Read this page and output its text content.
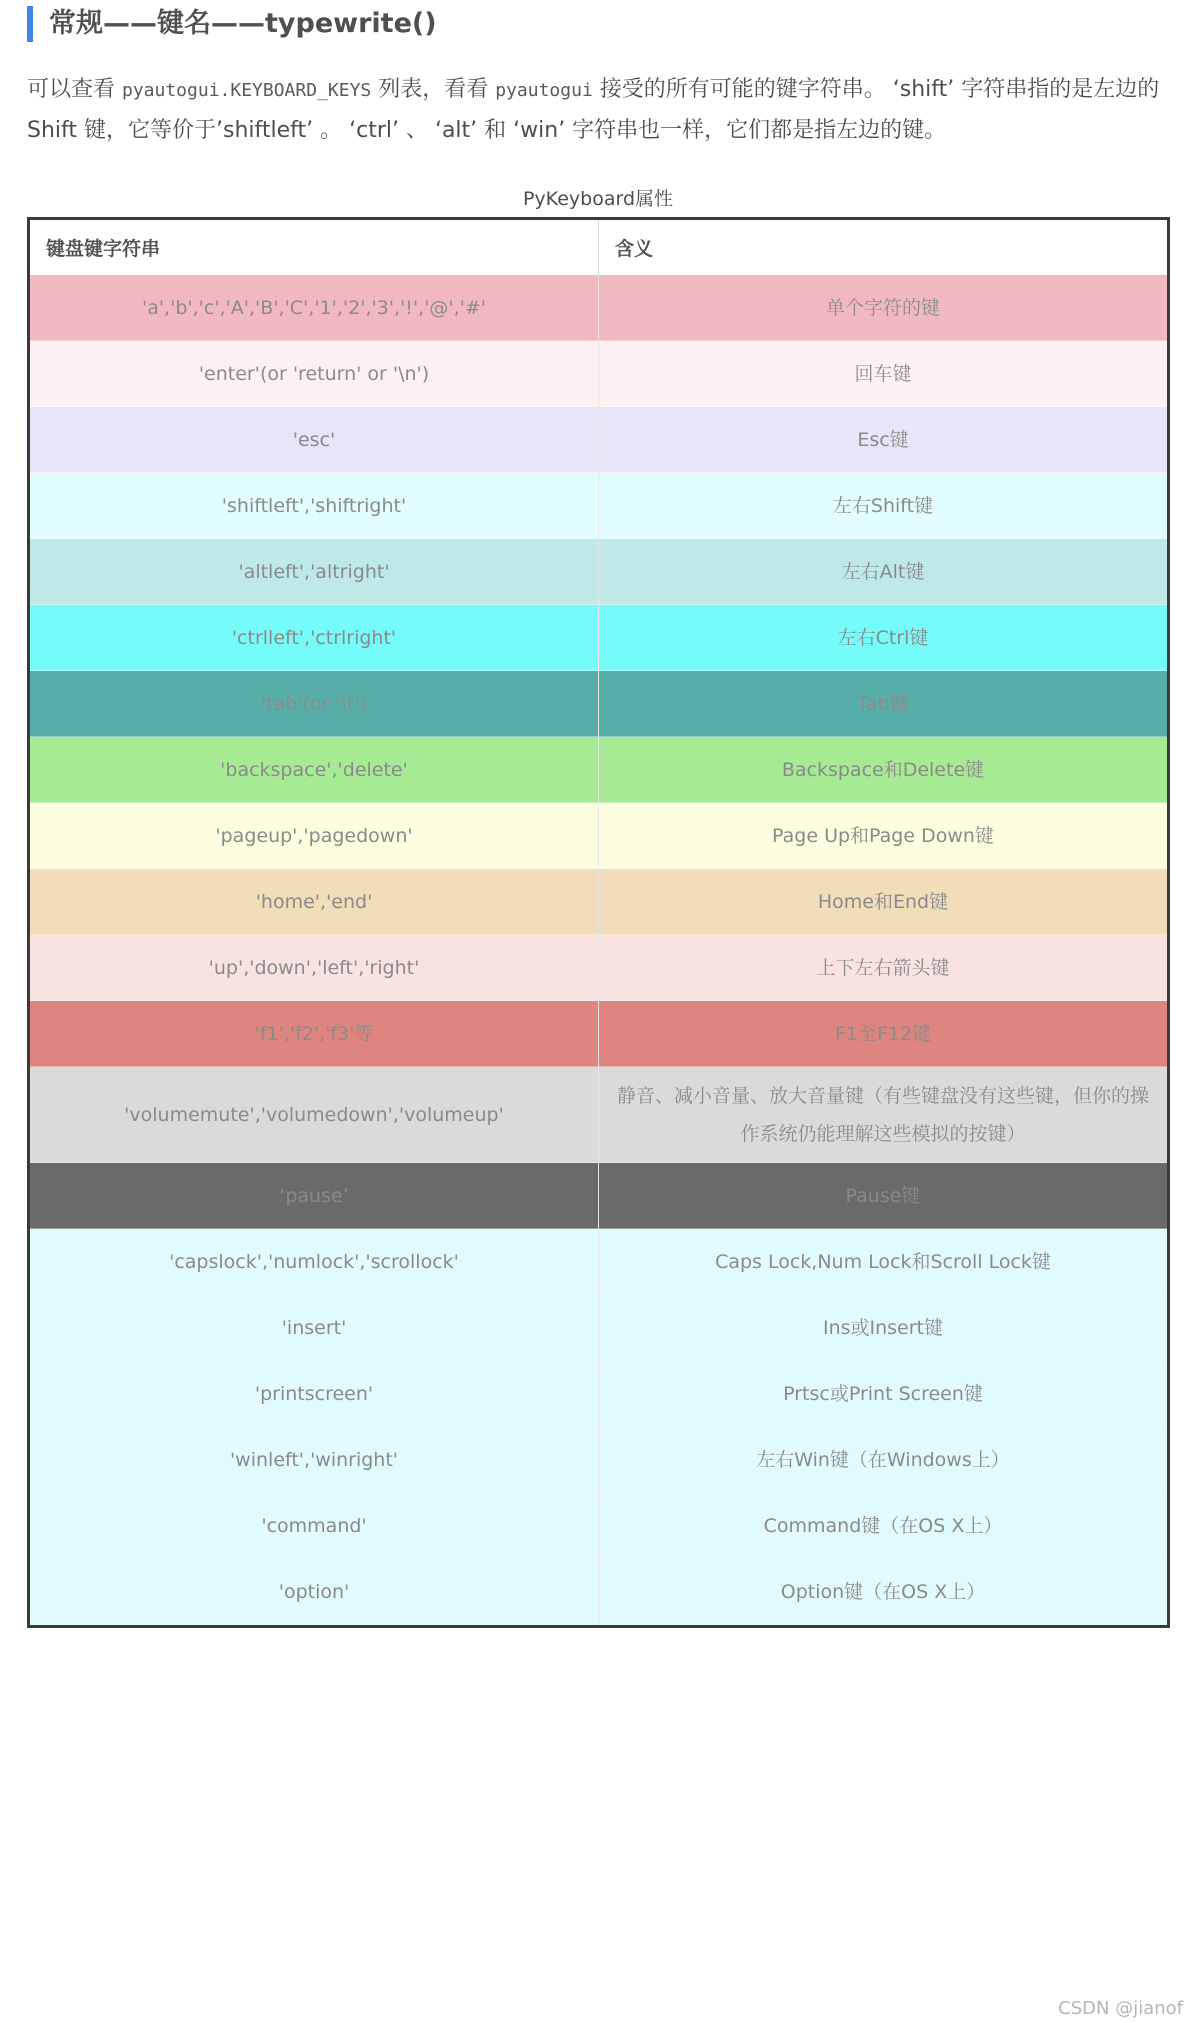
常规——键名——typewrite()
可以查看 pyautogui.KEYBOARD_KEYS 列表，看看 pyautogui 接受的所有可能的键字符串。 ‘shift’ 字符串指的是左边的 Shift 键，它等价于’shiftleft’ 。 ‘ctrl’ 、 ‘alt’ 和 ‘win’ 字符串也一样，它们都是指左边的键。
PyKeyboard属性
键盘键字符串	含义
'a','b','c','A','B','C','1','2','3','!','@','#'	单个字符的键
'enter'(or 'return' or '\n')	回车键
'esc'	Esc键
'shiftleft','shiftright'	左右Shift键
'altleft','altright'	左右Alt键
'ctrlleft','ctrlright'	左右Ctrl键
'tab'(or '\t')	Tab键
'backspace','delete'	Backspace和Delete键
'pageup','pagedown'	Page Up和Page Down键
'home','end'	Home和End键
'up','down','left','right'	上下左右箭头键
'f1','f2','f3'等	F1至F12键
'volumemute','volumedown','volumeup'	静音、减小音量、放大音量键（有些键盘没有这些键，但你的操作系统仍能理解这些模拟的按键）
‘pause’	Pause键
'capslock','numlock','scrollock'	Caps Lock,Num Lock和Scroll Lock键
'insert'	Ins或Insert键
'printscreen'	Prtsc或Print Screen键
'winleft','winright'	左右Win键（在Windows上）
'command'	Command键（在OS X上）
'option'	Option键（在OS X上）
CSDN @jianof
